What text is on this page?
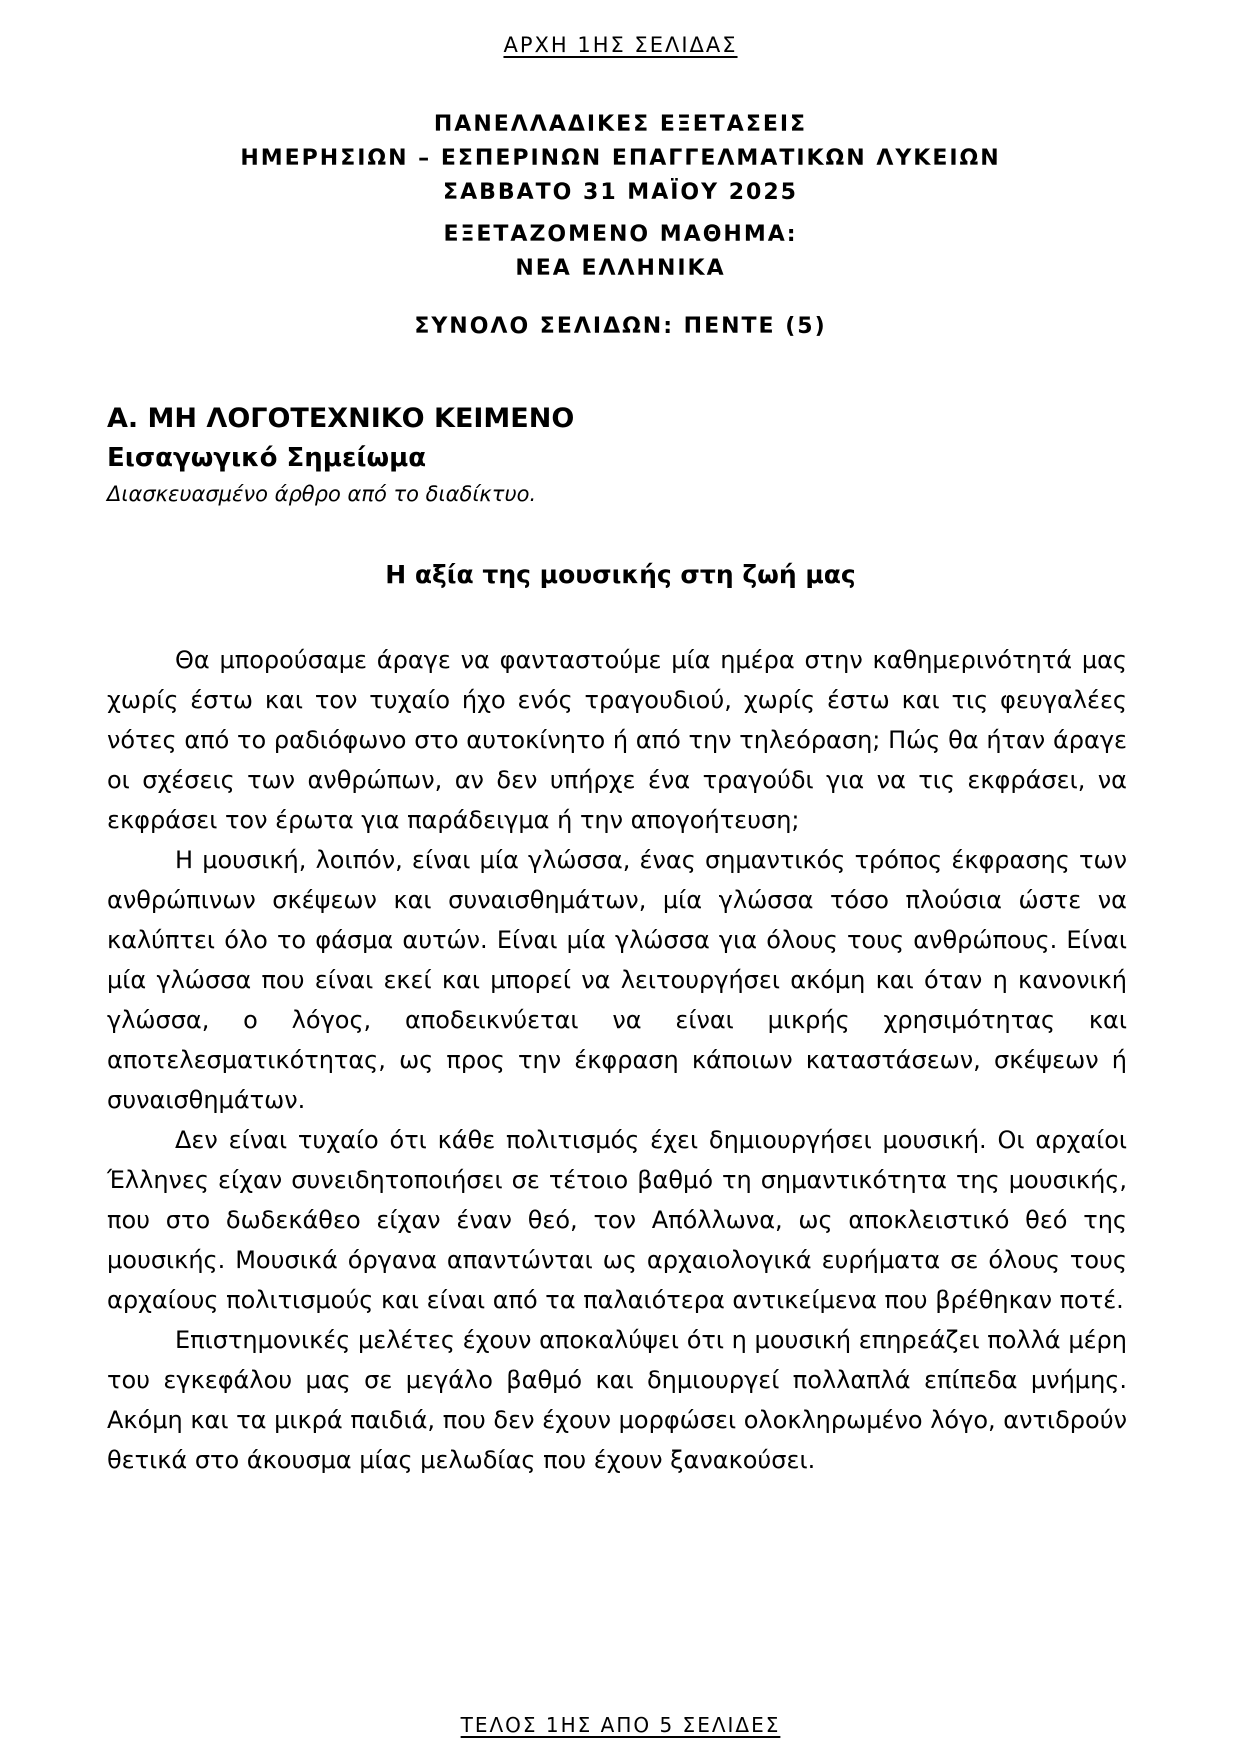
ΑΡΧΗ 1ΗΣ ΣΕΛΙΔΑΣ
ΠΑΝΕΛΛΑΔΙΚΕΣ ΕΞΕΤΑΣΕΙΣ
ΗΜΕΡΗΣΙΩΝ – ΕΣΠΕΡΙΝΩΝ ΕΠΑΓΓΕΛΜΑΤΙΚΩΝ ΛΥΚΕΙΩΝ
ΣΑΒΒΑΤΟ 31 ΜΑΪΟΥ 2025
ΕΞΕΤΑΖΟΜΕΝΟ ΜΑΘΗΜΑ:
ΝΕΑ ΕΛΛΗΝΙΚΑ
ΣΥΝΟΛΟ ΣΕΛΙΔΩΝ: ΠΕΝΤΕ (5)
Α. ΜΗ ΛΟΓΟΤΕΧΝΙΚΟ ΚΕΙΜΕΝΟ
Εισαγωγικό Σημείωμα
Διασκευασμένο άρθρο από το διαδίκτυο.
Η αξία της μουσικής στη ζωή μας

Θα μπορούσαμε άραγε να φανταστούμε μία ημέρα στην καθημερινότητά μας χωρίς έστω και τον τυχαίο ήχο ενός τραγουδιού, χωρίς έστω και τις φευγαλέες νότες από το ραδιόφωνο στο αυτοκίνητο ή από την τηλεόραση; Πώς θα ήταν άραγε οι σχέσεις των ανθρώπων, αν δεν υπήρχε ένα τραγούδι για να τις εκφράσει, να εκφράσει τον έρωτα για παράδειγμα ή την απογοήτευση;

Η μουσική, λοιπόν, είναι μία γλώσσα, ένας σημαντικός τρόπος έκφρασης των ανθρώπινων σκέψεων και συναισθημάτων, μία γλώσσα τόσο πλούσια ώστε να καλύπτει όλο το φάσμα αυτών. Είναι μία γλώσσα για όλους τους ανθρώπους. Είναι μία γλώσσα που είναι εκεί και μπορεί να λειτουργήσει ακόμη και όταν η κανονική γλώσσα, ο λόγος, αποδεικνύεται να είναι μικρής χρησιμότητας και αποτελεσματικότητας, ως προς την έκφραση κάποιων καταστάσεων, σκέψεων ή συναισθημάτων.

Δεν είναι τυχαίο ότι κάθε πολιτισμός έχει δημιουργήσει μουσική. Οι αρχαίοι Έλληνες είχαν συνειδητοποιήσει σε τέτοιο βαθμό τη σημαντικότητα της μουσικής, που στο δωδεκάθεο είχαν έναν θεό, τον Απόλλωνα, ως αποκλειστικό θεό της μουσικής. Μουσικά όργανα απαντώνται ως αρχαιολογικά ευρήματα σε όλους τους αρχαίους πολιτισμούς και είναι από τα παλαιότερα αντικείμενα που βρέθηκαν ποτέ.

Επιστημονικές μελέτες έχουν αποκαλύψει ότι η μουσική επηρεάζει πολλά μέρη του εγκεφάλου μας σε μεγάλο βαθμό και δημιουργεί πολλαπλά επίπεδα μνήμης. Ακόμη και τα μικρά παιδιά, που δεν έχουν μορφώσει ολοκληρωμένο λόγο, αντιδρούν θετικά στο άκουσμα μίας μελωδίας που έχουν ξανακούσει.

ΤΕΛΟΣ 1ΗΣ ΑΠΟ 5 ΣΕΛΙΔΕΣ
